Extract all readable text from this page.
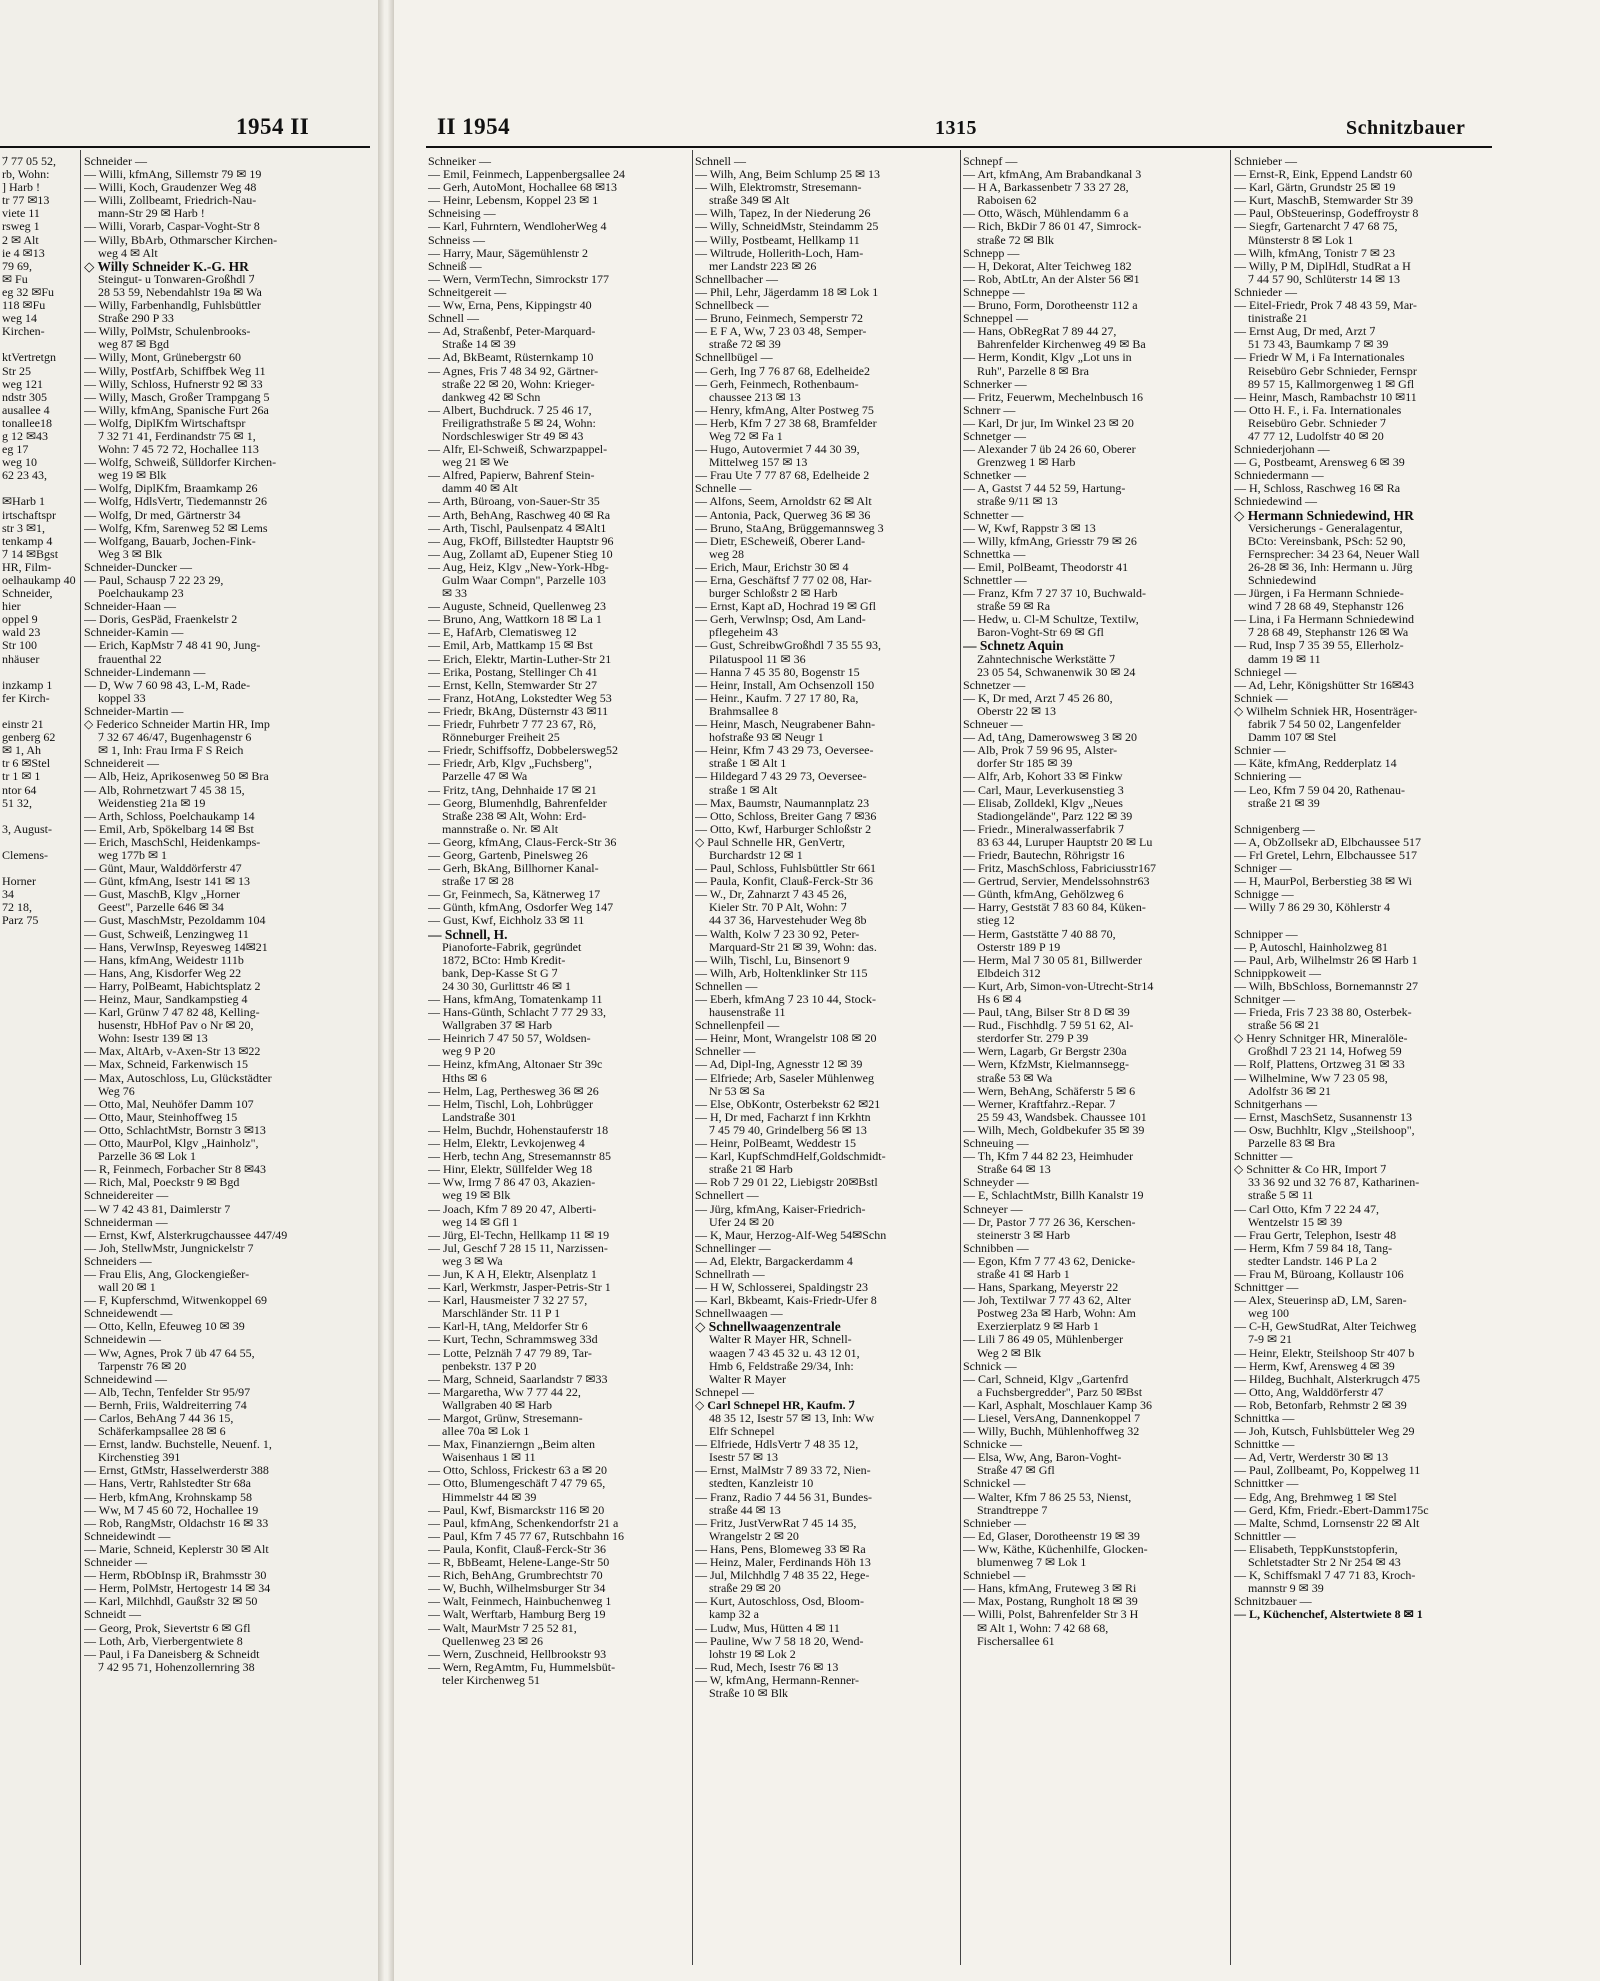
1954 II
ﾌ 77 05 52,
rb, Wohn:
] Harb !
tr 77 ✉13
viete 11
rsweg 1
2 ✉ Alt
ie 4 ✉13
79 69,
✉ Fu
eg 32 ✉Fu
118 ✉Fu
weg 14
Kirchen-

ktVertretgn
Str 25
weg 121
ndstr 305
ausallee 4
tonallee18
g 12 ✉43
eg 17
weg 10
62 23 43,

✉Harb 1
irtschaftspr
str 3 ✉1,
tenkamp 4
ﾌ 14 ✉Bgst
HR, Film-
oelhaukamp 40
Schneider,
hier
oppel 9
wald 23
Str 100
nhäuser

inzkamp 1
fer Kirch-

einstr 21
genberg 62
✉ 1, Ah
tr 6 ✉Stel
tr 1 ✉ 1
ntor 64
51 32,

3, August-

Clemens-

Horner
34
72 18,
Parz 75
Schneider —
— Willi, kfmAng, Sillemstr 79 ✉ 19
— Willi, Koch, Graudenzer Weg 48
— Willi, Zollbeamt, Friedrich-Nau-
mann-Str 29 ✉ Harb !
— Willi, Vorarb, Caspar-Voght-Str 8
— Willy, BbArb, Othmarscher Kirchen-
weg 4 ✉ Alt
◇ Willy Schneider K.-G. HR
Steingut- u Tonwaren-Großhdl ﾌ
28 53 59, Nebendahlstr 19a ✉ Wa
— Willy, Farbenhandlg, Fuhlsbüttler
Straße 290 P 33
— Willy, PolMstr, Schulenbrooks-
weg 87 ✉ Bgd
— Willy, Mont, Grünebergstr 60
— Willy, PostfArb, Schiffbek Weg 11
— Willy, Schloss, Hufnerstr 92 ✉ 33
— Willy, Masch, Großer Trampgang 5
— Willy, kfmAng, Spanische Furt 26a
— Wolfg, DiplKfm Wirtschaftspr
ﾌ 32 71 41, Ferdinandstr 75 ✉ 1,
Wohn: ﾌ 45 72 72, Hochallee 113
— Wolfg, Schweiß, Sülldorfer Kirchen-
weg 19 ✉ Blk
— Wolfg, DiplKfm, Braamkamp 26
— Wolfg, HdlsVertr, Tiedemannstr 26
— Wolfg, Dr med, Gärtnerstr 34
— Wolfg, Kfm, Sarenweg 52 ✉ Lems
— Wolfgang, Bauarb, Jochen-Fink-
Weg 3 ✉ Blk
Schneider-Duncker —
— Paul, Schausp ﾌ 22 23 29,
Poelchaukamp 23
Schneider-Haan —
— Doris, GesPäd, Fraenkelstr 2
Schneider-Kamin —
— Erich, KapMstr ﾌ 48 41 90, Jung-
frauenthal 22
Schneider-Lindemann —
— D, Ww ﾌ 60 98 43, L-M, Rade-
koppel 33
Schneider-Martin —
◇ Federico Schneider Martin HR, Imp
ﾌ 32 67 46/47, Bugenhagenstr 6
✉ 1, Inh: Frau Irma F S Reich
Schneidereit —
— Alb, Heiz, Aprikosenweg 50 ✉ Bra
— Alb, Rohrnetzwart ﾌ 45 38 15,
Weidenstieg 21a ✉ 19
— Arth, Schloss, Poelchaukamp 14
— Emil, Arb, Spökelbarg 14 ✉ Bst
— Erich, MaschSchl, Heidenkamps-
weg 177b ✉ 1
— Günt, Maur, Walddörferstr 47
— Günt, kfmAng, Isestr 141 ✉ 13
— Gust, MaschB, Klgv „Horner
Geest", Parzelle 646 ✉ 34
— Gust, MaschMstr, Pezoldamm 104
— Gust, Schweiß, Lenzingweg 11
— Hans, VerwInsp, Reyesweg 14✉21
— Hans, kfmAng, Weidestr 111b
— Hans, Ang, Kisdorfer Weg 22
— Harry, PolBeamt, Habichtsplatz 2
— Heinz, Maur, Sandkampstieg 4
— Karl, Grünw ﾌ 47 82 48, Kelling-
husenstr, HbHof Pav o Nr ✉ 20,
Wohn: Isestr 139 ✉ 13
— Max, AltArb, v-Axen-Str 13 ✉22
— Max, Schneid, Farkenwisch 15
— Max, Autoschloss, Lu, Glückstädter
Weg 76
— Otto, Mal, Neuhöfer Damm 107
— Otto, Maur, Steinhoffweg 15
— Otto, SchlachtMstr, Bornstr 3 ✉13
— Otto, MaurPol, Klgv „Hainholz",
Parzelle 36 ✉ Lok 1
— R, Feinmech, Forbacher Str 8 ✉43
— Rich, Mal, Poeckstr 9 ✉ Bgd
Schneidereiter —
— W ﾌ 42 43 81, Daimlerstr 7
Schneiderman —
— Ernst, Kwf, Alsterkrugchaussee 447/49
— Joh, StellwMstr, Jungnickelstr 7
Schneiders —
— Frau Elis, Ang, Glockengießer-
wall 20 ✉ 1
— F, Kupferschmd, Witwenkoppel 69
Schneidewendt —
— Otto, Kelln, Efeuweg 10 ✉ 39
Schneidewin —
— Ww, Agnes, Prok ﾌ üb 47 64 55,
Tarpenstr 76 ✉ 20
Schneidewind —
— Alb, Techn, Tenfelder Str 95/97
— Bernh, Friis, Waldreiterring 74
— Carlos, BehAng ﾌ 44 36 15,
Schäferkampsallee 28 ✉ 6
— Ernst, landw. Buchstelle, Neuenf. 1,
Kirchenstieg 391
— Ernst, GtMstr, Hasselwerderstr 388
— Hans, Vertr, Rahlstedter Str 68a
— Herb, kfmAng, Krohnskamp 58
— Ww, M ﾌ 45 60 72, Hochallee 19
— Rob, RangMstr, Oldachstr 16 ✉ 33
Schneidewindt —
— Marie, Schneid, Keplerstr 30 ✉ Alt
Schneider —
— Herm, RbObInsp iR, Brahmsstr 30
— Herm, PolMstr, Hertogestr 14 ✉ 34
— Karl, Milchhdl, Gaußstr 32 ✉ 50
Schneidt —
— Georg, Prok, Sievertstr 6 ✉ Gfl
— Loth, Arb, Vierbergentwiete 8
— Paul, i Fa Daneisberg & Schneidt
ﾌ 42 95 71, Hohenzollernring 38
II 1954	1315	Schnitzbauer
Schneiker —
— Emil, Feinmech, Lappenbergsallee 24
— Gerh, AutoMont, Hochallee 68 ✉13
— Heinr, Lebensm, Koppel 23 ✉ 1
Schneising —
— Karl, Fuhrntern, WendloherWeg 4
Schneiss —
— Harry, Maur, Sägemühlenstr 2
Schneiß —
— Wern, VermTechn, Simrockstr 177
Schneitgereit —
— Ww, Erna, Pens, Kippingstr 40
Schnell —
— Ad, Straßenbf, Peter-Marquard-
Straße 14 ✉ 39
— Ad, BkBeamt, Rüsternkamp 10
— Agnes, Fris ﾌ 48 34 92, Gärtner-
straße 22 ✉ 20, Wohn: Krieger-
dankweg 42 ✉ Schn
— Albert, Buchdruck. ﾌ 25 46 17,
Freiligrathstraße 5 ✉ 24, Wohn:
Nordschleswiger Str 49 ✉ 43
— Alfr, El-Schweiß, Schwarzpappel-
weg 21 ✉ We
— Alfred, Papierw, Bahrenf Stein-
damm 40 ✉ Alt
— Arth, Büroang, von-Sauer-Str 35
— Arth, BehAng, Raschweg 40 ✉ Ra
— Arth, Tischl, Paulsenpatz 4 ✉Alt1
— Aug, FkOff, Billstedter Hauptstr 96
— Aug, Zollamt aD, Eupener Stieg 10
— Aug, Heiz, Klgv „New-York-Hbg-
Gulm Waar Compn", Parzelle 103
✉ 33
— Auguste, Schneid, Quellenweg 23
— Bruno, Ang, Wattkorn 18 ✉ La 1
— E, HafArb, Clematisweg 12
— Emil, Arb, Mattkamp 15 ✉ Bst
— Erich, Elektr, Martin-Luther-Str 21
— Erika, Postang, Stellinger Ch 41
— Ernst, Kelln, Stemwarder Str 27
— Franz, HotAng, Lokstedter Weg 53
— Friedr, BkAng, Düsternstr 43 ✉11
— Friedr, Fuhrbetr ﾌ 77 23 67, Rö,
Rönneburger Freiheit 25
— Friedr, Schiffsoffz, Dobbelersweg52
— Friedr, Arb, Klgv „Fuchsberg",
Parzelle 47 ✉ Wa
— Fritz, tAng, Dehnhaide 17 ✉ 21
— Georg, Blumenhdlg, Bahrenfelder
Straße 238 ✉ Alt, Wohn: Erd-
mannstraße o. Nr. ✉ Alt
— Georg, kfmAng, Claus-Ferck-Str 36
— Georg, Gartenb, Pinelsweg 26
— Gerh, BkAng, Billhorner Kanal-
straße 17 ✉ 28
— Gr, Feinmech, Sa, Kätnerweg 17
— Günth, kfmAng, Osdorfer Weg 147
— Gust, Kwf, Eichholz 33 ✉ 11
— Schnell, H.
Pianoforte-Fabrik, gegründet
1872, BCto: Hmb Kredit-
bank, Dep-Kasse St G ﾌ
24 30 30, Gurlittstr 46 ✉ 1
— Hans, kfmAng, Tomatenkamp 11
— Hans-Günth, Schlacht ﾌ 77 29 33,
Wallgraben 37 ✉ Harb
— Heinrich ﾌ 47 50 57, Woldsen-
weg 9 P 20
— Heinz, kfmAng, Altonaer Str 39c
Hths ✉ 6
— Helm, Lag, Perthesweg 36 ✉ 26
— Helm, Tischl, Loh, Lohbrügger
Landstraße 301
— Helm, Buchdr, Hohenstauferstr 18
— Helm, Elektr, Levkojenweg 4
— Herb, techn Ang, Stresemannstr 85
— Hinr, Elektr, Süllfelder Weg 18
— Ww, Irmg ﾌ 86 47 03, Akazien-
weg 19 ✉ Blk
— Joach, Kfm ﾌ 89 20 47, Alberti-
weg 14 ✉ Gfl 1
— Jürg, El-Techn, Hellkamp 11 ✉ 19
— Jul, Geschf ﾌ 28 15 11, Narzissen-
weg 3 ✉ Wa
— Jun, K A H, Elektr, Alsenplatz 1
— Karl, Werkmstr, Jasper-Petris-Str 1
— Karl, Hausmeister ﾌ 32 27 57,
Marschländer Str. 11 P 1
— Karl-H, tAng, Meldorfer Str 6
— Kurt, Techn, Schrammsweg 33d
— Lotte, Pelznäh ﾌ 47 79 89, Tar-
penbekstr. 137 P 20
— Marg, Schneid, Saarlandstr 7 ✉33
— Margaretha, Ww ﾌ 77 44 22,
Wallgraben 40 ✉ Harb
— Margot, Grünw, Stresemann-
allee 70a ✉ Lok 1
— Max, Finanzierngn „Beim alten
Waisenhaus 1 ✉ 11
— Otto, Schloss, Frickestr 63 a ✉ 20
— Otto, Blumengeschäft ﾌ 47 79 65,
Himmelstr 44 ✉ 39
— Paul, Kwf, Bismarckstr 116 ✉ 20
— Paul, kfmAng, Schenkendorfstr 21 a
— Paul, Kfm ﾌ 45 77 67, Rutschbahn 16
— Paula, Konfit, Clauß-Ferck-Str 36
— R, BbBeamt, Helene-Lange-Str 50
— Rich, BehAng, Grumbrechtstr 70
— W, Buchh, Wilhelmsburger Str 34
— Walt, Feinmech, Hainbuchenweg 1
— Walt, Werftarb, Hamburg Berg 19
— Walt, MaurMstr ﾌ 25 52 81,
Quellenweg 23 ✉ 26
— Wern, Zuschneid, Hellbrookstr 93
— Wern, RegAmtm, Fu, Hummelsbüt-
teler Kirchenweg 51
Schnell —
— Wilh, Ang, Beim Schlump 25 ✉ 13
— Wilh, Elektromstr, Stresemann-
straße 349 ✉ Alt
— Wilh, Tapez, In der Niederung 26
— Willy, SchneidMstr, Steindamm 25
— Willy, Postbeamt, Hellkamp 11
— Wiltrude, Hollerith-Loch, Ham-
mer Landstr 223 ✉ 26
Schnellbacher —
— Phil, Lehr, Jägerdamm 18 ✉ Lok 1
Schnellbeck —
— Bruno, Feinmech, Semperstr 72
— E F A, Ww, ﾌ 23 03 48, Semper-
straße 72 ✉ 39
Schnellbügel —
— Gerh, Ing ﾌ 76 87 68, Edelheide2
— Gerh, Feinmech, Rothenbaum-
chaussee 213 ✉ 13
— Henry, kfmAng, Alter Postweg 75
— Herb, Kfm ﾌ 27 38 68, Bramfelder
Weg 72 ✉ Fa 1
— Hugo, Autovermiet ﾌ 44 30 39,
Mittelweg 157 ✉ 13
— Frau Ute ﾌ 77 87 68, Edelheide 2
Schnelle —
— Alfons, Seem, Arnoldstr 62 ✉ Alt
— Antonia, Pack, Querweg 36 ✉ 36
— Bruno, StaAng, Brüggemannsweg 3
— Dietr, EScheweiß, Oberer Land-
weg 28
— Erich, Maur, Erichstr 30 ✉ 4
— Erna, Geschäftsf ﾌ 77 02 08, Har-
burger Schloßstr 2 ✉ Harb
— Ernst, Kapt aD, Hochrad 19 ✉ Gfl
— Gerh, Verwlnsp; Osd, Am Land-
pflegeheim 43
— Gust, SchreibwGroßhdl ﾌ 35 55 93,
Pilatuspool 11 ✉ 36
— Hanna ﾌ 45 35 80, Bogenstr 15
— Heinr, Install, Am Ochsenzoll 150
— Heinr., Kaufm. ﾌ 27 17 80, Ra,
Brahmsallee 8
— Heinr, Masch, Neugrabener Bahn-
hofstraße 93 ✉ Neugr 1
— Heinr, Kfm ﾌ 43 29 73, Oeversee-
straße 1 ✉ Alt 1
— Hildegard ﾌ 43 29 73, Oeversee-
straße 1 ✉ Alt
— Max, Baumstr, Naumannplatz 23
— Otto, Schloss, Breiter Gang 7 ✉36
— Otto, Kwf, Harburger Schloßstr 2
◇ Paul Schnelle HR, GenVertr,
Burchardstr 12 ✉ 1
— Paul, Schloss, Fuhlsbüttler Str 661
— Paula, Konfit, Clauß-Ferck-Str 36
— W., Dr, Zahnarzt ﾌ 43 45 26,
Kieler Str. 70 P Alt, Wohn: ﾌ
44 37 36, Harvestehuder Weg 8b
— Walth, Kolw ﾌ 23 30 92, Peter-
Marquard-Str 21 ✉ 39, Wohn: das.
— Wilh, Tischl, Lu, Binsenort 9
— Wilh, Arb, Holtenklinker Str 115
Schnellen —
— Eberh, kfmAng ﾌ 23 10 44, Stock-
hausenstraße 11
Schnellenpfeil —
— Heinr, Mont, Wrangelstr 108 ✉ 20
Schneller —
— Ad, Dipl-Ing, Agnesstr 12 ✉ 39
— Elfriede; Arb, Saseler Mühlenweg
Nr 53 ✉ Sa
— Else, ObKontr, Osterbekstr 62 ✉21
— H, Dr med, Facharzt f inn Krkhtn
ﾌ 45 79 40, Grindelberg 56 ✉ 13
— Heinr, PolBeamt, Weddestr 15
— Karl, KupfSchmdHelf,Goldschmidt-
straße 21 ✉ Harb
— Rob ﾌ 29 01 22, Liebigstr 20✉Bstl
Schnellert —
— Jürg, kfmAng, Kaiser-Friedrich-
Ufer 24 ✉ 20
— K, Maur, Herzog-Alf-Weg 54✉Schn
Schnellinger —
— Ad, Elektr, Bargackerdamm 4
Schnellrath —
— H W, Schlosserei, Spaldingstr 23
— Karl, Bkbeamt, Kais-Friedr-Ufer 8
Schnellwaagen —
◇ Schnellwaagenzentrale
Walter R Mayer HR, Schnell-
waagen ﾌ 43 45 32 u. 43 12 01,
Hmb 6, Feldstraße 29/34, Inh:
Walter R Mayer
Schnepel —
◇ Carl Schnepel HR, Kaufm. ﾌ
48 35 12, Isestr 57 ✉ 13, Inh: Ww
Elfr Schnepel
— Elfriede, HdlsVertr ﾌ 48 35 12,
Isestr 57 ✉ 13
— Ernst, MalMstr ﾌ 89 33 72, Nien-
stedten, Kanzleistr 10
— Franz, Radio ﾌ 44 56 31, Bundes-
straße 44 ✉ 13
— Fritz, JustVerwRat ﾌ 45 14 35,
Wrangelstr 2 ✉ 20
— Hans, Pens, Blomeweg 33 ✉ Ra
— Heinz, Maler, Ferdinands Höh 13
— Jul, Milchhdlg ﾌ 48 35 22, Hege-
straße 29 ✉ 20
— Kurt, Autoschloss, Osd, Bloom-
kamp 32 a
— Ludw, Mus, Hütten 4 ✉ 11
— Pauline, Ww ﾌ 58 18 20, Wend-
lohstr 19 ✉ Lok 2
— Rud, Mech, Isestr 76 ✉ 13
— W, kfmAng, Hermann-Renner-
Straße 10 ✉ Blk
Schnepf —
— Art, kfmAng, Am Brabandkanal 3
— H A, Barkassenbetr ﾌ 33 27 28,
Raboisen 62
— Otto, Wäsch, Mühlendamm 6 a
— Rich, BkDir ﾌ 86 01 47, Simrock-
straße 72 ✉ Blk
Schnepp —
— H, Dekorat, Alter Teichweg 182
— Rob, AbtLtr, An der Alster 56 ✉1
Schneppe —
— Bruno, Form, Dorotheenstr 112 a
Schneppel —
— Hans, ObRegRat ﾌ 89 44 27,
Bahrenfelder Kirchenweg 49 ✉ Ba
— Herm, Kondit, Klgv „Lot uns in
Ruh", Parzelle 8 ✉ Bra
Schnerker —
— Fritz, Feuerwm, Mechelnbusch 16
Schnerr —
— Karl, Dr jur, Im Winkel 23 ✉ 20
Schnetger —
— Alexander ﾌ üb 24 26 60, Oberer
Grenzweg 1 ✉ Harb
Schnetker —
— A, Gastst ﾌ 44 52 59, Hartung-
straße 9/11 ✉ 13
Schnetter —
— W, Kwf, Rappstr 3 ✉ 13
— Willy, kfmAng, Griesstr 79 ✉ 26
Schnettka —
— Emil, PolBeamt, Theodorstr 41
Schnettler —
— Franz, Kfm ﾌ 27 37 10, Buchwald-
straße 59 ✉ Ra
— Hedw, u. Cl-M Schultze, Textilw,
Baron-Voght-Str 69 ✉ Gfl
— Schnetz Aquin
Zahntechnische Werkstätte ﾌ
23 05 54, Schwanenwik 30 ✉ 24
Schnetzer —
— K, Dr med, Arzt ﾌ 45 26 80,
Oberstr 22 ✉ 13
Schneuer —
— Ad, tAng, Damerowsweg 3 ✉ 20
— Alb, Prok ﾌ 59 96 95, Alster-
dorfer Str 185 ✉ 39
— Alfr, Arb, Kohort 33 ✉ Finkw
— Carl, Maur, Leverkusenstieg 3
— Elisab, Zolldekl, Klgv „Neues
Stadiongelände", Parz 122 ✉ 39
— Friedr., Mineralwasserfabrik ﾌ
83 63 44, Luruper Hauptstr 20 ✉ Lu
— Friedr, Bautechn, Röhrigstr 16
— Fritz, MaschSchloss, Fabriciusstr167
— Gertrud, Servier, Mendelssohnstr63
— Günth, kfmAng, Gehölzweg 6
— Harry, Geststät ﾌ 83 60 84, Küken-
stieg 12
— Herm, Gaststätte ﾌ 40 88 70,
Osterstr 189 P 19
— Herm, Mal ﾌ 30 05 81, Billwerder
Elbdeich 312
— Kurt, Arb, Simon-von-Utrecht-Str14
Hs 6 ✉ 4
— Paul, tAng, Bilser Str 8 D ✉ 39
— Rud., Fischhdlg. ﾌ 59 51 62, Al-
sterdorfer Str. 279 P 39
— Wern, Lagarb, Gr Bergstr 230a
— Wern, KfzMstr, Kielmannsegg-
straße 53 ✉ Wa
— Wern, BehAng, Schäferstr 5 ✉ 6
— Werner, Kraftfahrz.-Repar. ﾌ
25 59 43, Wandsbek. Chaussee 101
— Wilh, Mech, Goldbekufer 35 ✉ 39
Schneuing —
— Th, Kfm ﾌ 44 82 23, Heimhuder
Straße 64 ✉ 13
Schneyder —
— E, SchlachtMstr, Billh Kanalstr 19
Schneyer —
— Dr, Pastor ﾌ 77 26 36, Kerschen-
steinerstr 3 ✉ Harb
Schnibben —
— Egon, Kfm ﾌ 77 43 62, Denicke-
straße 41 ✉ Harb 1
— Hans, Sparkang, Meyerstr 22
— Joh, Textilwar ﾌ 77 43 62, Alter
Postweg 23a ✉ Harb, Wohn: Am
Exerzierplatz 9 ✉ Harb 1
— Lili ﾌ 86 49 05, Mühlenberger
Weg 2 ✉ Blk
Schnick —
— Carl, Schneid, Klgv „Gartenfrd
a Fuchsbergredder", Parz 50 ✉Bst
— Karl, Asphalt, Moschlauer Kamp 36
— Liesel, VersAng, Dannenkoppel 7
— Willy, Buchh, Mühlenhoffweg 32
Schnicke —
— Elsa, Ww, Ang, Baron-Voght-
Straße 47 ✉ Gfl
Schnickel —
— Walter, Kfm ﾌ 86 25 53, Nienst,
Strandtreppe 7
Schnieber —
— Ed, Glaser, Dorotheenstr 19 ✉ 39
— Ww, Käthe, Küchenhilfe, Glocken-
blumenweg 7 ✉ Lok 1
Schniebel —
— Hans, kfmAng, Fruteweg 3 ✉ Ri
— Max, Postang, Rungholt 18 ✉ 39
— Willi, Polst, Bahrenfelder Str 3 H
✉ Alt 1, Wohn: ﾌ 42 68 68,
Fischersallee 61
Schnieber —
— Ernst-R, Eink, Eppend Landstr 60
— Karl, Gärtn, Grundstr 25 ✉ 19
— Kurt, MaschB, Stemwarder Str 39
— Paul, ObSteuerinsp, Godeffroystr 8
— Siegfr, Gartenarcht ﾌ 47 68 75,
Münsterstr 8 ✉ Lok 1
— Wilh, kfmAng, Tonistr 7 ✉ 23
— Willy, P M, DiplHdl, StudRat a H
ﾌ 44 57 90, Schlüterstr 14 ✉ 13
Schnieder —
— Eitel-Friedr, Prok ﾌ 48 43 59, Mar-
tinistraße 21
— Ernst Aug, Dr med, Arzt ﾌ
51 73 43, Baumkamp 7 ✉ 39
— Friedr W M, i Fa Internationales
Reisebüro Gebr Schnieder, Fernspr
89 57 15, Kallmorgenweg 1 ✉ Gfl
— Heinr, Masch, Rambachstr 10 ✉11
— Otto H. F., i. Fa. Internationales
Reisebüro Gebr. Schnieder ﾌ
47 77 12, Ludolfstr 40 ✉ 20
Schniederjohann —
— G, Postbeamt, Arensweg 6 ✉ 39
Schniedermann —
— H, Schloss, Raschweg 16 ✉ Ra
Schniedewind —
◇ Hermann Schniedewind, HR
Versicherungs - Generalagentur,
BCto: Vereinsbank, PSch: 52 90,
Fernsprecher: 34 23 64, Neuer Wall
26-28 ✉ 36, Inh: Hermann u. Jürg
Schniedewind
— Jürgen, i Fa Hermann Schniede-
wind ﾌ 28 68 49, Stephanstr 126
— Lina, i Fa Hermann Schniedewind
ﾌ 28 68 49, Stephanstr 126 ✉ Wa
— Rud, Insp ﾌ 35 39 55, Ellerholz-
damm 19 ✉ 11
Schniegel —
— Ad, Lehr, Königshütter Str 16✉43
Schniek —
◇ Wilhelm Schniek HR, Hosenträger-
fabrik ﾌ 54 50 02, Langenfelder
Damm 107 ✉ Stel
Schnier —
— Käte, kfmAng, Redderplatz 14
Schniering —
— Leo, Kfm ﾌ 59 04 20, Rathenau-
straße 21 ✉ 39

Schnigenberg —
— A, ObZollsekr aD, Elbchaussee 517
— Frl Gretel, Lehrn, Elbchaussee 517
Schniger —
— H, MaurPol, Berberstieg 38 ✉ Wi
Schnigge —
— Willy ﾌ 86 29 30, Köhlerstr 4

Schnipper —
— P, Autoschl, Hainholzweg 81
— Paul, Arb, Wilhelmstr 26 ✉ Harb 1
Schnippkoweit —
— Wilh, BbSchloss, Bornemannstr 27
Schnitger —
— Frieda, Fris ﾌ 23 38 80, Osterbek-
straße 56 ✉ 21
◇ Henry Schnitger HR, Mineralöle-
Großhdl ﾌ 23 21 14, Hofweg 59
— Rolf, Plattens, Ortzweg 31 ✉ 33
— Wilhelmine, Ww ﾌ 23 05 98,
Adolfstr 36 ✉ 21
Schnitgerhans —
— Ernst, MaschSetz, Susannenstr 13
— Osw, Buchhltr, Klgv „Steilshoop",
Parzelle 83 ✉ Bra
Schnitter —
◇ Schnitter & Co HR, Import ﾌ
33 36 92 und 32 76 87, Katharinen-
straße 5 ✉ 11
— Carl Otto, Kfm ﾌ 22 24 47,
Wentzelstr 15 ✉ 39
— Frau Gertr, Telephon, Isestr 48
— Herm, Kfm ﾌ 59 84 18, Tang-
stedter Landstr. 146 P La 2
— Frau M, Büroang, Kollaustr 106
Schnittger —
— Alex, Steuerinsp aD, LM, Saren-
weg 100
— C-H, GewStudRat, Alter Teichweg
7-9 ✉ 21
— Heinr, Elektr, Steilshoop Str 407 b
— Herm, Kwf, Arensweg 4 ✉ 39
— Hildeg, Buchhalt, Alsterkrugch 475
— Otto, Ang, Walddörferstr 47
— Rob, Betonfarb, Rehmstr 2 ✉ 39
Schnittka —
— Joh, Kutsch, Fuhlsbütteler Weg 29
Schnittke —
— Ad, Vertr, Werderstr 30 ✉ 13
— Paul, Zollbeamt, Po, Koppelweg 11
Schnittker —
— Edg, Ang, Brehmweg 1 ✉ Stel
— Gerd, Kfm, Friedr.-Ebert-Damm175c
— Malte, Schmd, Lornsenstr 22 ✉ Alt
Schnittler —
— Elisabeth, TeppKunststopferin,
Schletstadter Str 2 Nr 254 ✉ 43
— K, Schiffsmakl ﾌ 47 71 83, Kroch-
mannstr 9 ✉ 39
Schnitzbauer —
— L, Küchenchef, Alstertwiete 8 ✉ 1
